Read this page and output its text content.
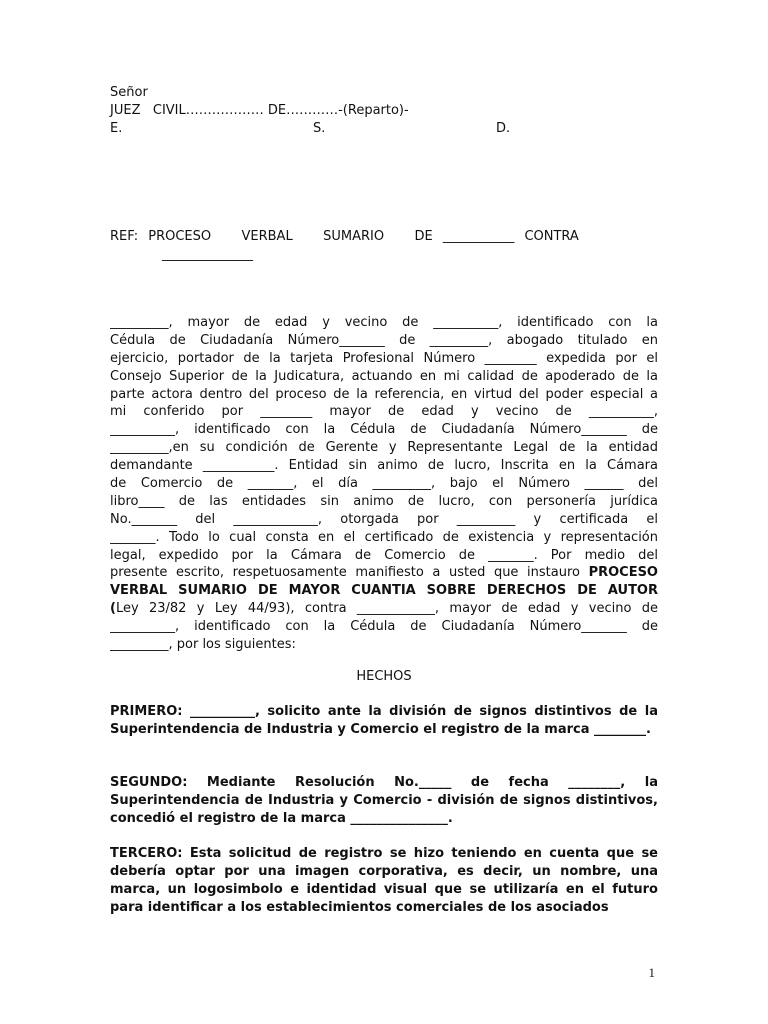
Señor
JUEZ   CIVIL……………… DE…………-(Reparto)-
E.	S.	D.
REF: PROCESO   VERBAL   SUMARIO   DE ___________ CONTRA
______________
_________, mayor de edad y vecino de __________, identificado con la
Cédula de Ciudadanía Número_______ de _________, abogado titulado en
ejercicio, portador de la tarjeta Profesional Número ________ expedida por el
Consejo Superior de la Judicatura, actuando en mi calidad de apoderado de la
parte actora dentro del proceso de la referencia, en virtud del poder especial a
mi conferido por ________ mayor de edad y vecino de __________,
__________, identificado con la Cédula de Ciudadanía Número_______ de
_________,en su condición de Gerente y Representante Legal de la entidad
demandante ___________. Entidad sin animo de lucro, Inscrita en la Cámara
de Comercio de _______, el día _________, bajo el Número ______ del
libro____ de las entidades sin animo de lucro, con personería jurídica
No._______ del _____________, otorgada por _________ y certificada el
_______. Todo lo cual consta en el certificado de existencia y representación
legal, expedido por la Cámara de Comercio de _______. Por medio del
presente escrito, respetuosamente manifiesto a usted que instauro PROCESO
VERBAL SUMARIO DE MAYOR CUANTIA SOBRE DERECHOS DE AUTOR
(Ley 23/82 y Ley 44/93), contra ____________, mayor de edad y vecino de
__________, identificado con la Cédula de Ciudadanía Número_______ de
_________, por los siguientes:
HECHOS
PRIMERO: __________, solicito ante la división de signos distintivos de la Superintendencia de Industria y Comercio el registro de la marca ________.
SEGUNDO: Mediante Resolución No._____ de fecha ________, la Superintendencia de Industria y Comercio - división de signos distintivos, concedió el registro de la marca _______________.
TERCERO: Esta solicitud de registro se hizo teniendo en cuenta que se debería optar por una imagen corporativa, es decir, un nombre, una marca, un logosimbolo e identidad visual que se utilizaría en el futuro para identificar a los establecimientos comerciales de los asociados
1
